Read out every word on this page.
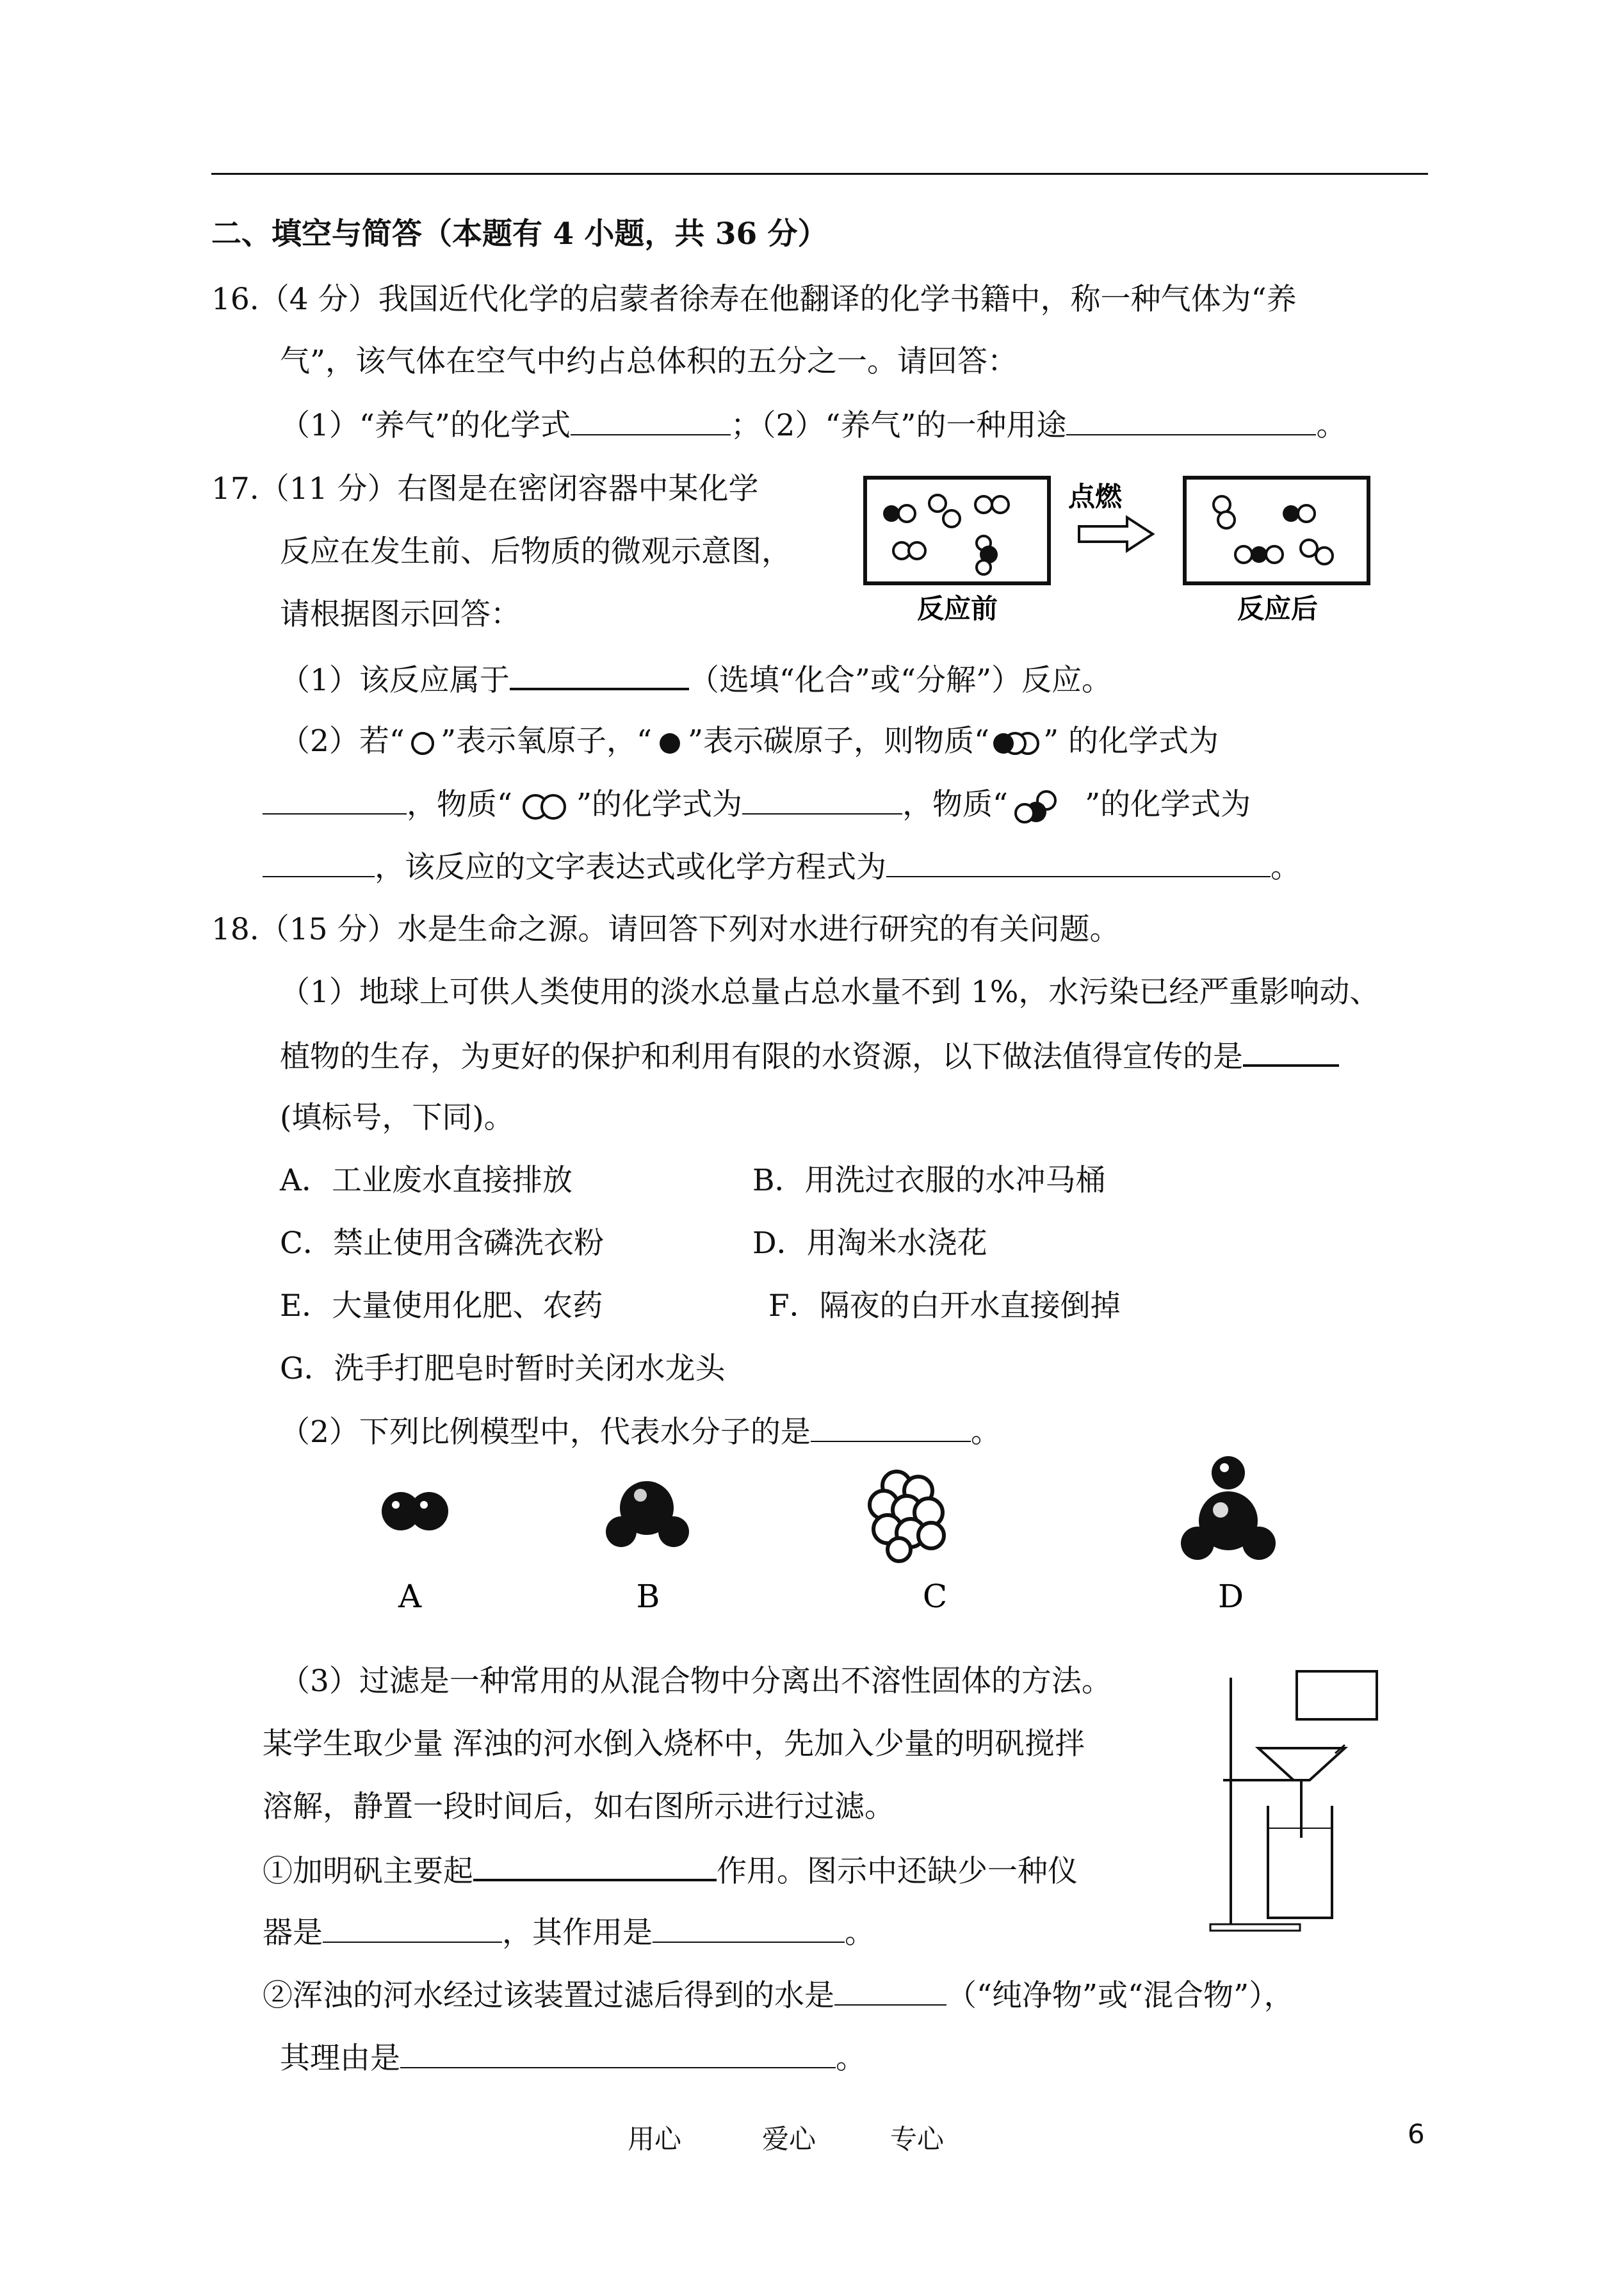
二、填空与简答（本题有 4 小题，共 36 分）
16.（4 分）我国近代化学的启蒙者徐寿在他翻译的化学书籍中，称一种气体为“养
气”，该气体在空气中约占总体积的五分之一。请回答：
（1）“养气”的化学式	；（2）“养气”的一种用途	。
17.（11 分）右图是在密闭容器中某化学
反应在发生前、后物质的微观示意图，
请根据图示回答：
点燃
反应前	反应后
（1）该反应属于	（选填“化合”或“分解”）反应。
（2）若“ ”表示氧原子，“ ”表示碳原子，则物质“ ” 的化学式为
，物质“ ”的化学式为	，物质“	”的化学式为
，该反应的文字表达式或化学方程式为	。
18.（15 分）水是生命之源。请回答下列对水进行研究的有关问题。
（1）地球上可供人类使用的淡水总量占总水量不到 1%，水污染已经严重影响动、
植物的生存，为更好的保护和利用有限的水资源，以下做法值得宣传的是
(填标号，下同)。
A．工业废水直接排放	B．用洗过衣服的水冲马桶
C．禁止使用含磷洗衣粉	D．用淘米水浇花
E．大量使用化肥、农药	F．隔夜的白开水直接倒掉
G．洗手打肥皂时暂时关闭水龙头
（2）下列比例模型中，代表水分子的是	。
A	B	C	D
（3）过滤是一种常用的从混合物中分离出不溶性固体的方法。
某学生取少量 浑浊的河水倒入烧杯中，先加入少量的明矾搅拌
溶解，静置一段时间后，如右图所示进行过滤。
①加明矾主要起	作用。图示中还缺少一种仪
器是	，其作用是	。
②浑浊的河水经过该装置过滤后得到的水是	（“纯净物”或“混合物”），
其理由是	。
用心	爱心	专心	6
